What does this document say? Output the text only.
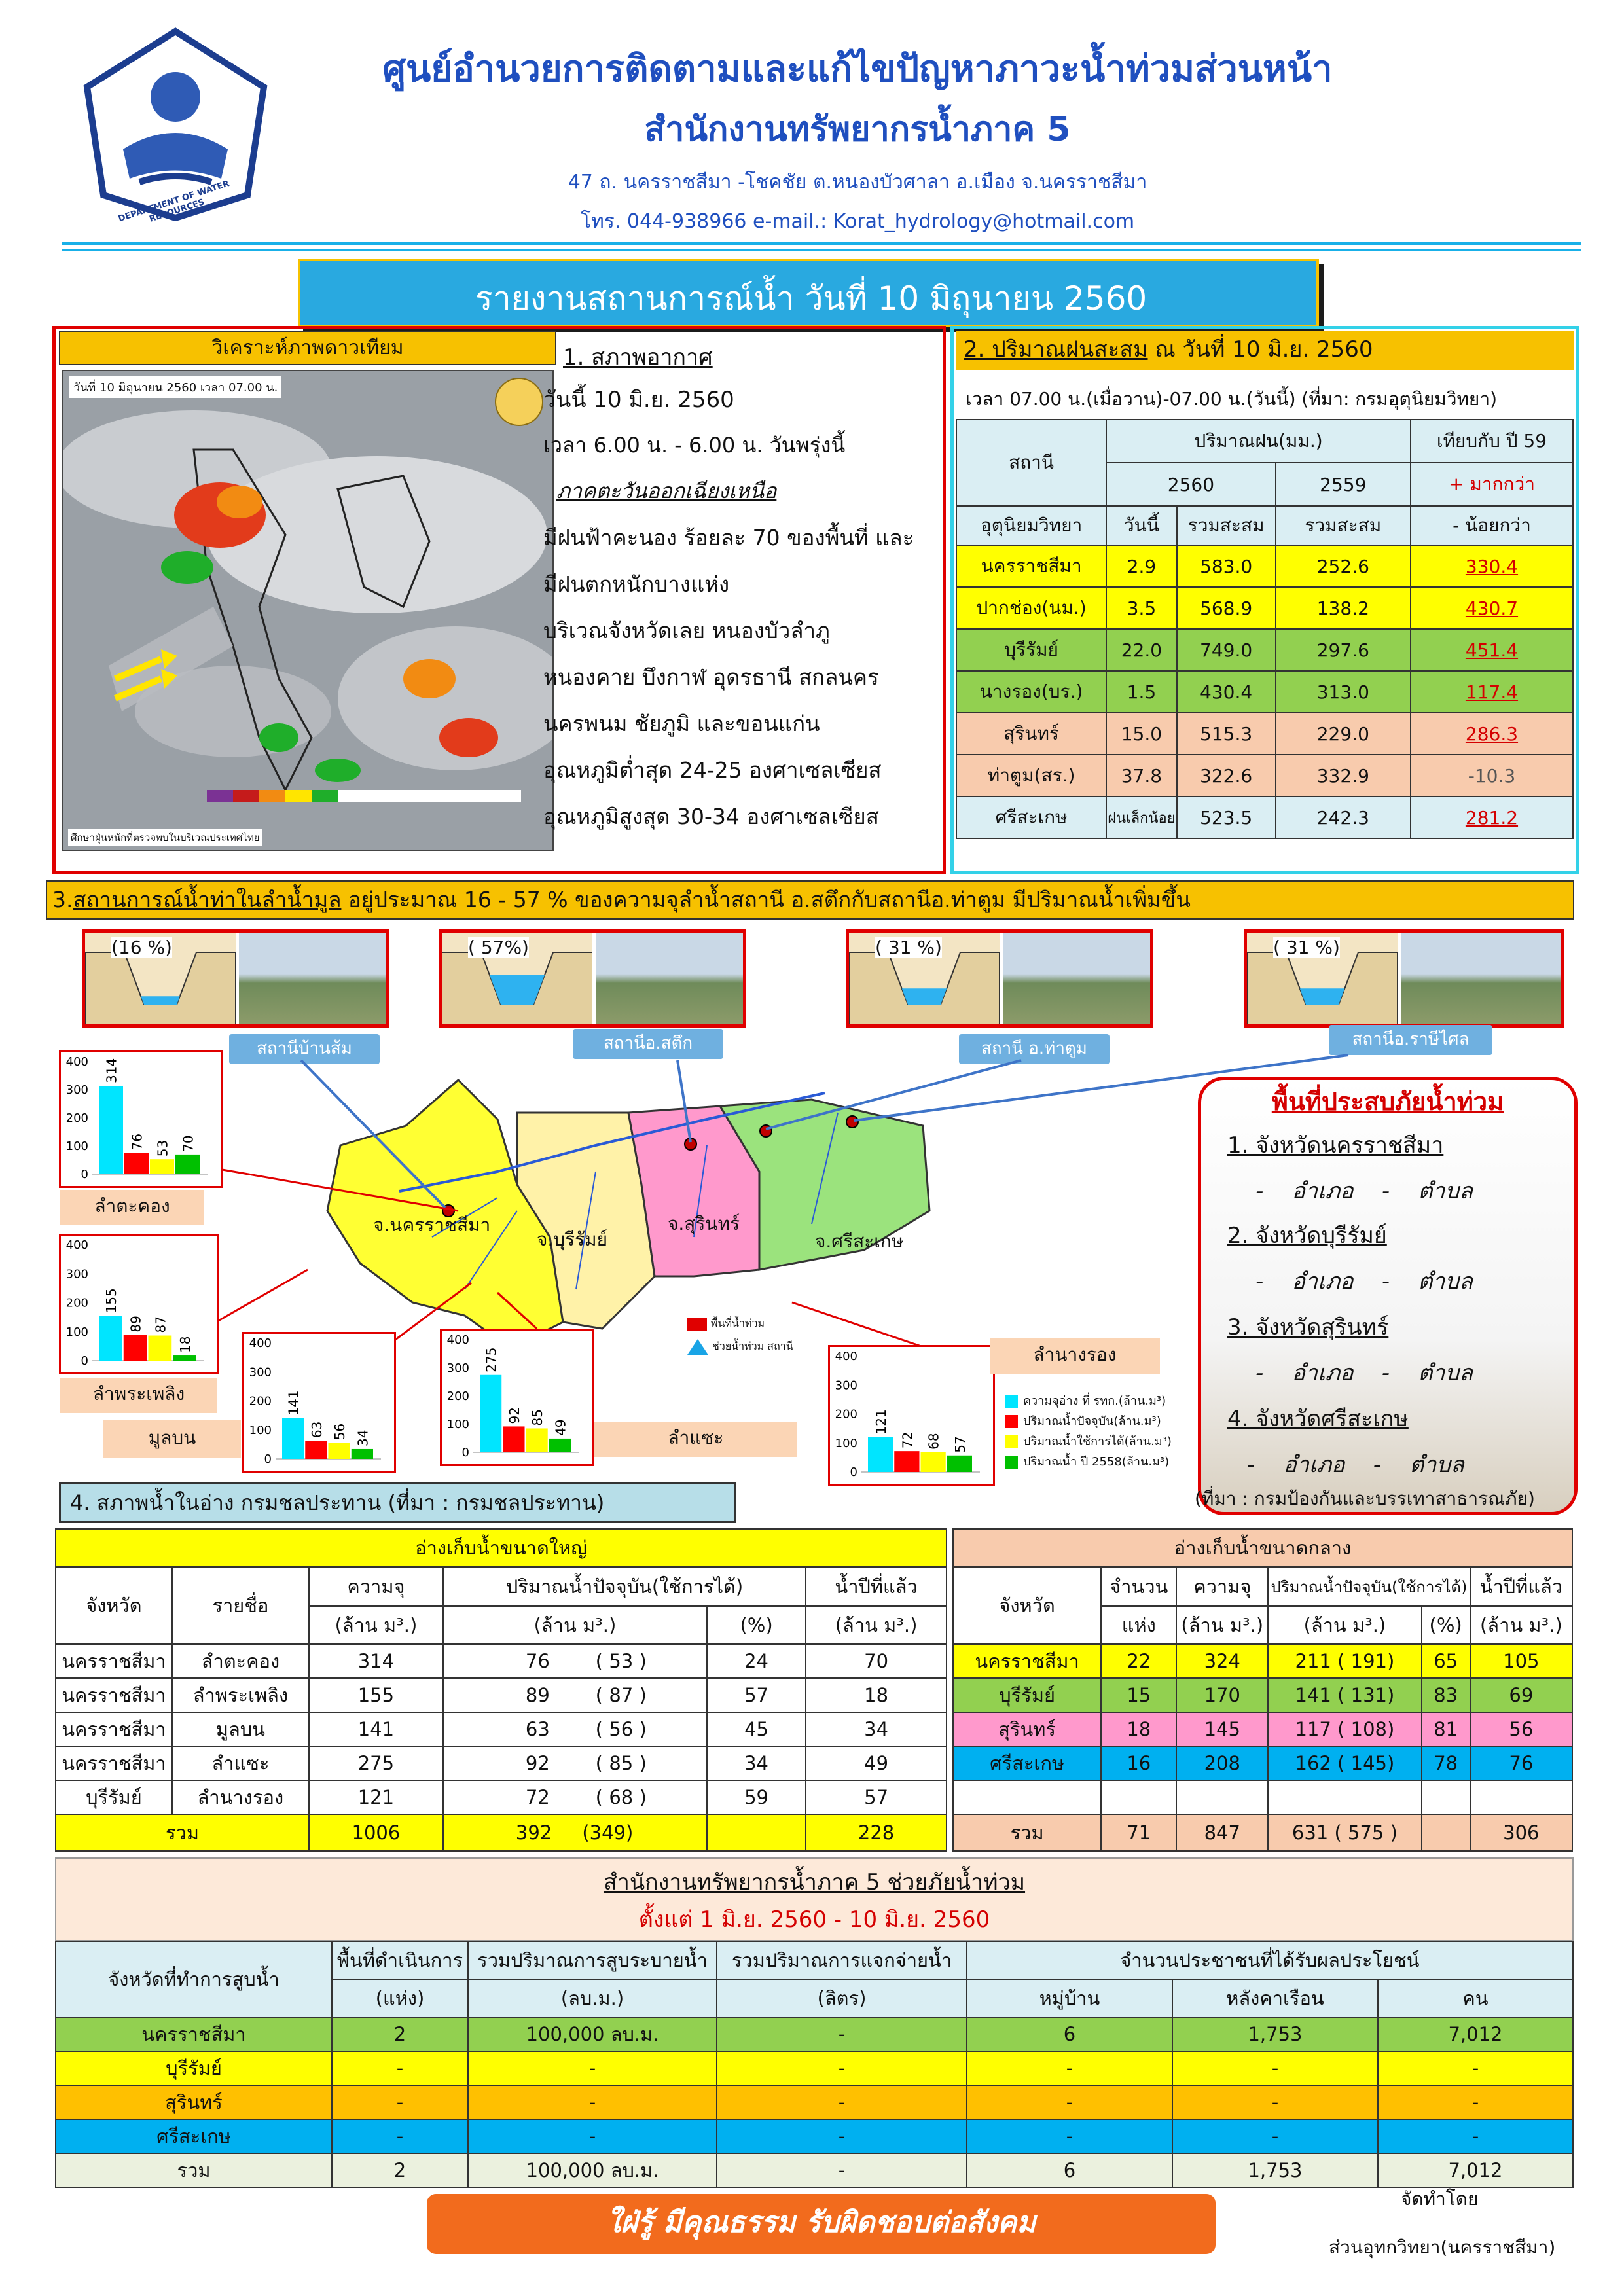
DEPARTMENT OF WATER RESOURCES
ศูนย์อำนวยการติดตามและแก้ไขปัญหาภาวะน้ำท่วมส่วนหน้า
สำนักงานทรัพยากรน้ำภาค 5
47 ถ. นครราชสีมา -โชคชัย ต.หนองบัวศาลา อ.เมือง จ.นครราชสีมา
โทร. 044-938966 e-mail.: Korat_hydrology@hotmail.com
รายงานสถานการณ์น้ำ วันที่ 10 มิถุนายน 2560
วิเคราะห์ภาพดาวเทียม
วันที่ 10 มิถุนายน 2560 เวลา 07.00 น.
ศึกษาฝุ่นหนักที่ตรวจพบในบริเวณประเทศไทย
1. สภาพอากาศ
วันนี้ 10 มิ.ย. 2560
เวลา 6.00 น. - 6.00 น. วันพรุ่งนี้
ภาคตะวันออกเฉียงเหนือ
มีฝนฟ้าคะนอง ร้อยละ 70 ของพื้นที่ และ
มีฝนตกหนักบางแห่ง
บริเวณจังหวัดเลย หนองบัวลำภู
หนองคาย บึงกาฬ อุดรธานี สกลนคร
นครพนม ชัยภูมิ และขอนแก่น
อุณหภูมิต่ำสุด 24-25 องศาเซลเซียส
อุณหภูมิสูงสุด 30-34 องศาเซลเซียส
2. ปริมาณฝนสะสม ณ วันที่ 10 มิ.ย. 2560
เวลา 07.00 น.(เมื่อวาน)-07.00 น.(วันนี้) (ที่มา: กรมอุตุนิยมวิทยา)
สถานี	ปริมาณฝน(มม.)			เทียบกับ ปี 59
	2560		2559	+ มากกว่า
อุตุนิยมวิทยา	วันนี้	รวมสะสม	รวมสะสม	- น้อยกว่า
นครราชสีมา	2.9	583.0	252.6	330.4
ปากช่อง(นม.)	3.5	568.9	138.2	430.7
บุรีรัมย์	22.0	749.0	297.6	451.4
นางรอง(บร.)	1.5	430.4	313.0	117.4
สุรินทร์	15.0	515.3	229.0	286.3
ท่าตูม(สร.)	37.8	322.6	332.9	-10.3
ศรีสะเกษ	ฝนเล็กน้อย	523.5	242.3	281.2
3.สถานการณ์น้ำท่าในลำน้ำมูล อยู่ประมาณ 16 - 57 % ของความจุลำน้ำสถานี อ.สตึกกับสถานีอ.ท่าตูม มีปริมาณน้ำเพิ่มขึ้น
(16 %)
สถานีบ้านส้ม
( 57%)
สถานีอ.สตึก
( 31 %)
สถานี อ.ท่าตูม
( 31 %)
สถานีอ.ราษีไศล
จ.นครราชสีมา
จ.บุรีรัมย์
จ.สุรินทร์
จ.ศรีสะเกษ
พื้นที่น้ำท่วม
ช่วยน้ำท่วม สถานี
0
100
200
300
400 314
76 53 70
ลำตะคอง
0
100
200
300
400
155
89 87
18
ลำพระเพลิง
0
100
200
300
400
141
63 56 34
มูลบน
0
100
200
300
400
275
92 85
49	ลำแซะ
0
100
200
300
400
121
72 68 57
ลำนางรอง
ความจุอ่าง ที่ รทก.(ล้าน.ม³)
ปริมาณน้ำปัจจุบัน(ล้าน.ม³)
ปริมาณน้ำใช้การได้(ล้าน.ม³)
ปริมาณน้ำ ปี 2558(ล้าน.ม³)
พื้นที่ประสบภัยน้ำท่วม
1. จังหวัดนครราชสีมา
-    อำเภอ    -    ตำบล
2. จังหวัดบุรีรัมย์
-    อำเภอ    -    ตำบล
3. จังหวัดสุรินทร์
-    อำเภอ    -    ตำบล
4. จังหวัดศรีสะเกษ
-    อำเภอ    -    ตำบล
(ที่มา : กรมป้องกันและบรรเทาสาธารณภัย)
4. สภาพน้ำในอ่าง กรมชลประทาน (ที่มา : กรมชลประทาน)
อ่างเก็บน้ำขนาดใหญ่					
จังหวัด	รายชื่อ	ความจุ	ปริมาณน้ำปัจจุบัน(ใช้การได้)		น้ำปีที่แล้ว
		(ล้าน ม³.)	(ล้าน ม³.)	(%)	(ล้าน ม³.)
นครราชสีมา	ลำตะคอง	314	76 ( 53 )	24	70
นครราชสีมา	ลำพระเพลิง	155	89 ( 87 )	57	18
นครราชสีมา	มูลบน	141	63 ( 56 )	45	34
นครราชสีมา	ลำแซะ	275	92 ( 85 )	34	49
บุรีรัมย์	ลำนางรอง	121	72 ( 68 )	59	57
รวม		1006	392 (349)		228
อ่างเก็บน้ำขนาดกลาง					
จังหวัด	จำนวน	ความจุ	ปริมาณน้ำปัจจุบัน(ใช้การได้)		น้ำปีที่แล้ว
	แห่ง	(ล้าน ม³.)	(ล้าน ม³.)	(%)	(ล้าน ม³.)
นครราชสีมา	22	324	211 ( 191)	65	105
บุรีรัมย์	15	170	141 ( 131)	83	69
สุรินทร์	18	145	117 ( 108)	81	56
ศรีสะเกษ	16	208	162 ( 145)	78	76

รวม	71	847	631 ( 575 )		306
สำนักงานทรัพยากรน้ำภาค 5 ช่วยภัยน้ำท่วม
ตั้งแต่ 1 มิ.ย. 2560 - 10 มิ.ย. 2560
จังหวัดที่ทำการสูบน้ำ	พื้นที่ดำเนินการ	รวมปริมาณการสูบระบายน้ำ	รวมปริมาณการแจกจ่ายน้ำ	จำนวนประชาชนที่ได้รับผลประโยชน์		
	(แห่ง)	(ลบ.ม.)	(ลิตร)	หมู่บ้าน	หลังคาเรือน	คน
นครราชสีมา	2	100,000 ลบ.ม.	-	6	1,753	7,012
บุรีรัมย์	-	-	-	-	-	-
สุรินทร์	-	-	-	-	-	-
ศรีสะเกษ	-	-	-	-	-	-
รวม	2	100,000 ลบ.ม.	-	6	1,753	7,012
ใฝ่รู้ มีคุณธรรม รับผิดชอบต่อสังคม
จัดทำโดย
ส่วนอุทกวิทยา(นครราชสีมา)
